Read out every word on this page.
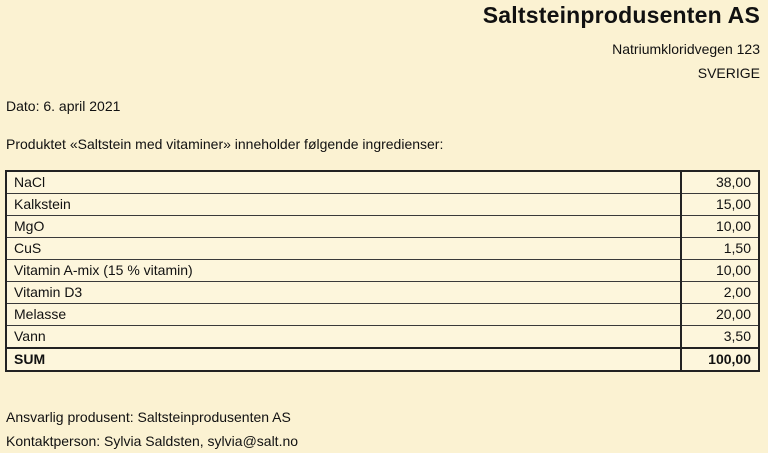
Saltsteinprodusenten AS
Natriumkloridvegen 123
SVERIGE
Dato: 6. april 2021
Produktet «Saltstein med vitaminer» inneholder følgende ingredienser:
NaCl	38,00
Kalkstein	15,00
MgO	10,00
CuS	1,50
Vitamin A-mix (15 % vitamin)	10,00
Vitamin D3	2,00
Melasse	20,00
Vann	3,50
SUM	100,00
Ansvarlig produsent: Saltsteinprodusenten AS
Kontaktperson: Sylvia Saldsten, sylvia@salt.no
